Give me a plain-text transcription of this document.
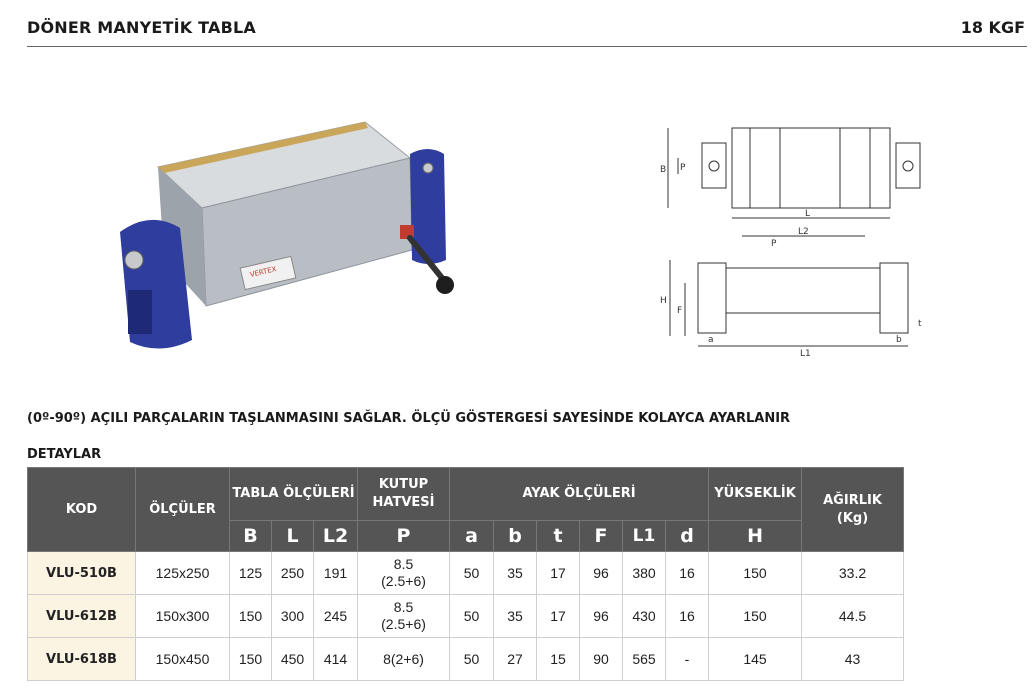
DÖNER MANYETİK TABLA	18 KGF
VERTEX
B P
L
L2
P
H
F
a	b
t
L1
(0º-90º) AÇILI PARÇALARIN TAŞLANMASINI SAĞLAR. ÖLÇÜ GÖSTERGESİ SAYESİNDE KOLAYCA AYARLANIR
DETAYLAR
KOD	ÖLÇÜLER	TABLA ÖLÇÜLERİ			KUTUP HATVESİ	AYAK ÖLÇÜLERİ						YÜKSEKLİK	AĞIRLIK
(Kg)

		B	L	L2	P	a	b	t	F	L1	d	H	
VLU-510B	125x250	125	250	191	8.5
(2.5+6)	50	35	17	96	380	16	150	33.2
VLU-612B	150x300	150	300	245	8.5
(2.5+6)	50	35	17	96	430	16	150	44.5
VLU-618B	150x450	150	450	414	8(2+6)	50	27	15	90	565	-	145	43
